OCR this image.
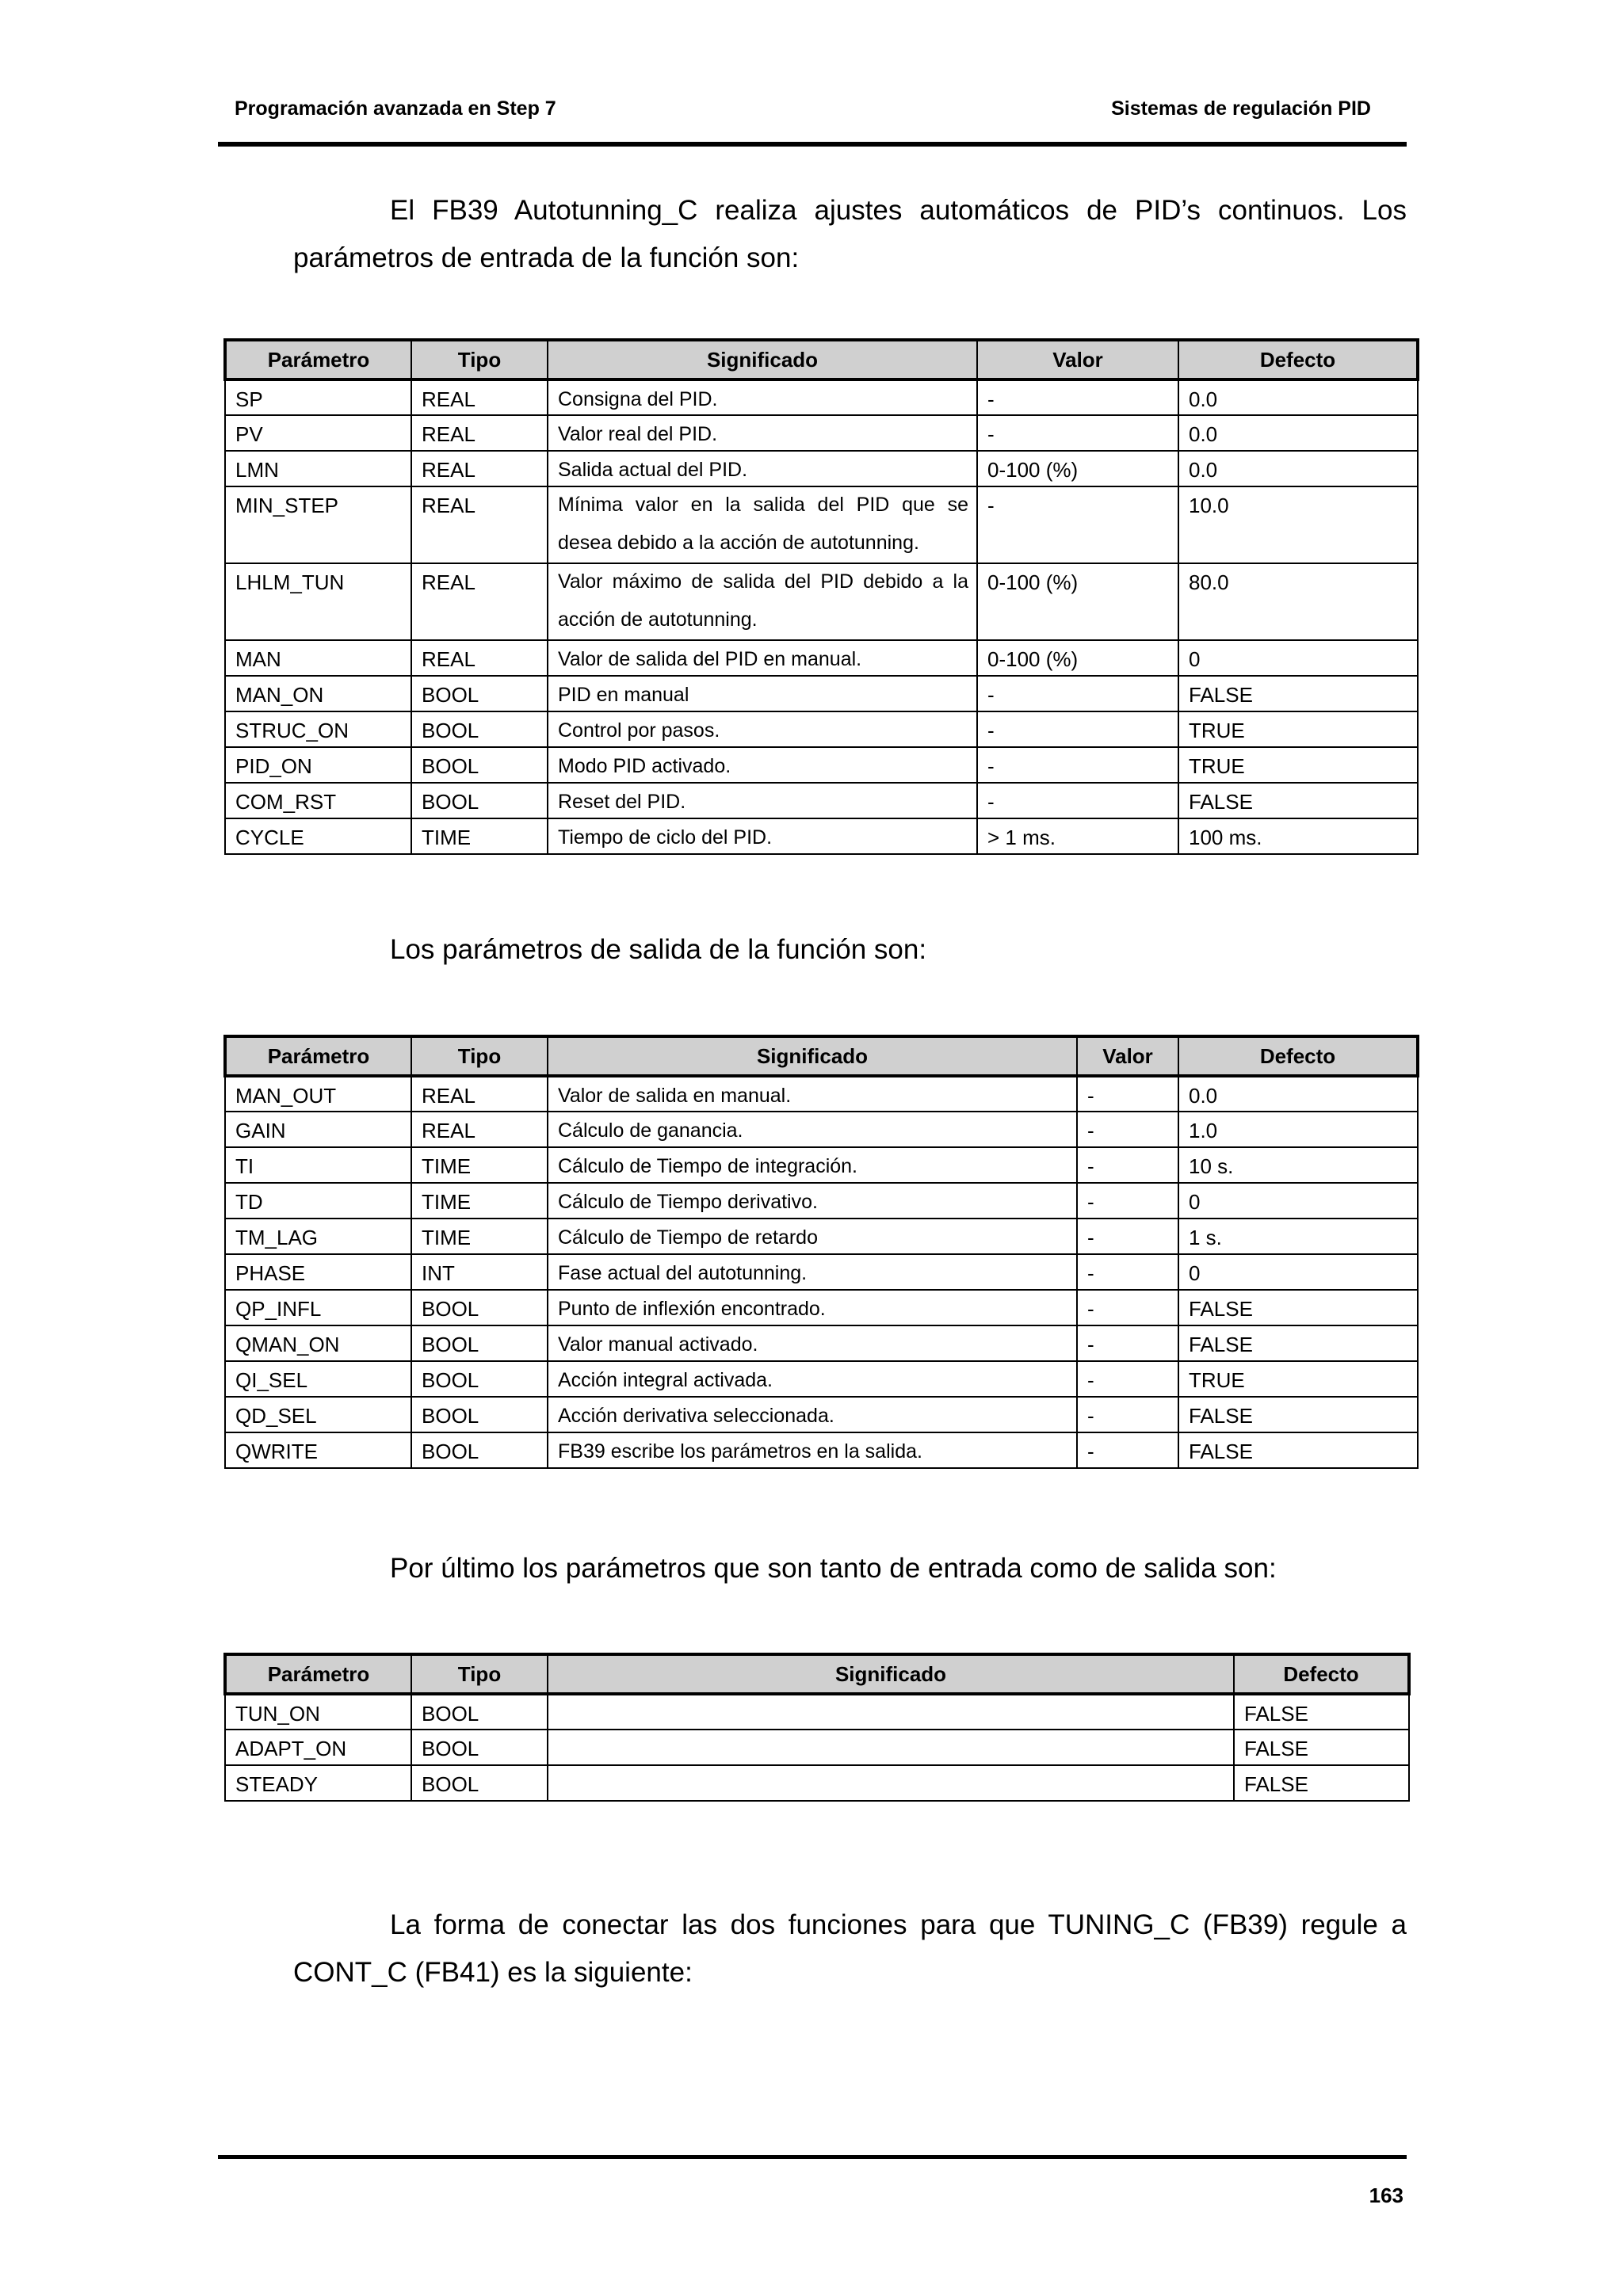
Programación avanzada en Step 7	Sistemas de regulación PID
El FB39 Autotunning_C realiza ajustes automáticos de PID’s continuos. Los parámetros de entrada de la función son:
Parámetro	Tipo	Significado	Valor	Defecto
SP	REAL	Consigna del PID.	-	0.0
PV	REAL	Valor real del PID.	-	0.0
LMN	REAL	Salida actual del PID.	0-100 (%)	0.0
MIN_STEP	REAL	Mínima valor en la salida del PID que se desea debido a la acción de autotunning.	-	10.0
LHLM_TUN	REAL	Valor máximo de salida del PID debido a la acción de autotunning.	0-100 (%)	80.0
MAN	REAL	Valor de salida del PID en manual.	0-100 (%)	0
MAN_ON	BOOL	PID en manual	-	FALSE
STRUC_ON	BOOL	Control por pasos.	-	TRUE
PID_ON	BOOL	Modo PID activado.	-	TRUE
COM_RST	BOOL	Reset del PID.	-	FALSE
CYCLE	TIME	Tiempo de ciclo del PID.	> 1 ms.	100 ms.
Los parámetros de salida de la función son:
Parámetro	Tipo	Significado	Valor	Defecto
MAN_OUT	REAL	Valor de salida en manual.	-	0.0
GAIN	REAL	Cálculo de ganancia.	-	1.0
TI	TIME	Cálculo de Tiempo de integración.	-	10 s.
TD	TIME	Cálculo de Tiempo derivativo.	-	0
TM_LAG	TIME	Cálculo de Tiempo de retardo	-	1 s.
PHASE	INT	Fase actual del autotunning.	-	0
QP_INFL	BOOL	Punto de inflexión encontrado.	-	FALSE
QMAN_ON	BOOL	Valor manual activado.	-	FALSE
QI_SEL	BOOL	Acción integral activada.	-	TRUE
QD_SEL	BOOL	Acción derivativa seleccionada.	-	FALSE
QWRITE	BOOL	FB39 escribe los parámetros en la salida.	-	FALSE
Por último los parámetros que son tanto de entrada como de salida son:
Parámetro	Tipo	Significado	Defecto
TUN_ON	BOOL		FALSE
ADAPT_ON	BOOL		FALSE
STEADY	BOOL		FALSE
La forma de conectar las dos funciones para que TUNING_C (FB39) regule a CONT_C (FB41) es la siguiente:
163
